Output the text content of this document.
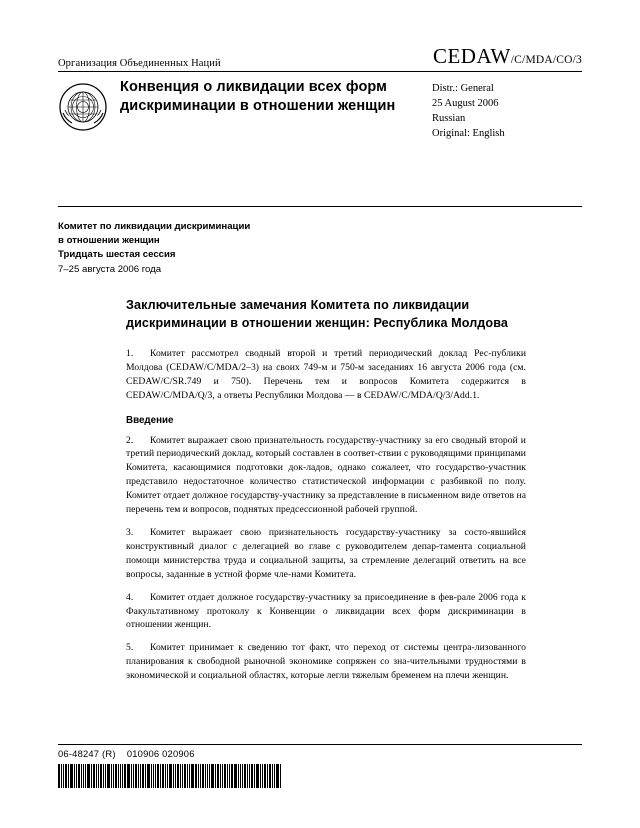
Организация Объединенных Наций	CEDAW /C/MDA/CO/3
Конвенция о ликвидации всех форм дискриминации в отношении женщин
Distr.: General
25 August 2006
Russian
Original: English
Комитет по ликвидации дискриминации
в отношении женщин
Тридцать шестая сессия
7–25 августа 2006 года
Заключительные замечания Комитета по ликвидации дискриминации в отношении женщин: Республика Молдова
1. Комитет рассмотрел сводный второй и третий периодический доклад Рес-публики Молдова (CEDAW/C/MDA/2–3) на своих 749-м и 750-м заседаниях 16 августа 2006 года (см. CEDAW/C/SR.749 и 750). Перечень тем и вопросов Комитета содержится в CEDAW/C/MDA/Q/3, а ответы Республики Молдова — в CEDAW/C/MDA/Q/3/Add.1.
Введение
2. Комитет выражает свою признательность государству-участнику за его сводный второй и третий периодический доклад, который составлен в соответ-ствии с руководящими принципами Комитета, касающимися подготовки док-ладов, однако сожалеет, что государство-участник представило недостаточное количество статистической информации с разбивкой по полу. Комитет отдает должное государству-участнику за представление в письменном виде ответов на перечень тем и вопросов, поднятых предсессионной рабочей группой.
3. Комитет выражает свою признательность государству-участнику за состо-явшийся конструктивный диалог с делегацией во главе с руководителем депар-тамента социальной помощи министерства труда и социальной защиты, за стремление делегаций ответить на все вопросы, заданные в устной форме чле-нами Комитета.
4. Комитет отдает должное государству-участнику за присоединение в фев-рале 2006 года к Факультативному протоколу к Конвенции о ликвидации всех форм дискриминации в отношении женщин.
5. Комитет принимает к сведению тот факт, что переход от системы центра-лизованного планирования к свободной рыночной экономике сопряжен со зна-чительными трудностями в экономической и социальной областях, которые легли тяжелым бременем на плечи женщин.
06-48247 (R) 010906 020906
